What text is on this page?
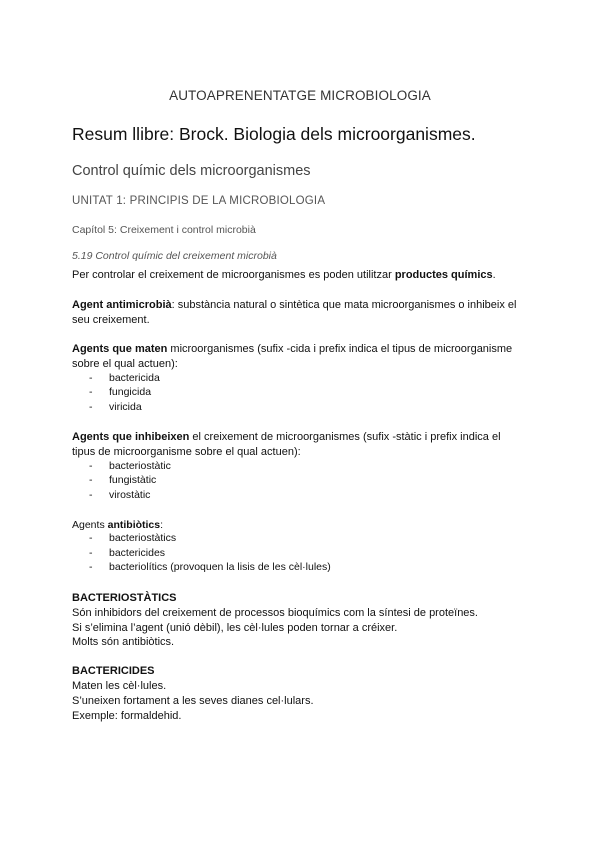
AUTOAPRENENTATGE MICROBIOLOGIA
Resum llibre: Brock. Biologia dels microorganismes.
Control químic dels microorganismes
UNITAT 1: PRINCIPIS DE LA MICROBIOLOGIA
Capítol 5: Creixement i control microbià
5.19 Control químic del creixement microbià
Per controlar el creixement de microorganismes es poden utilitzar productes químics.
Agent antimicrobià: substància natural o sintètica que mata microorganismes o inhibeix el
seu creixement.
Agents que maten microorganismes (sufix -cida i prefix indica el tipus de microorganisme
sobre el qual actuen):
- bactericida
- fungicida
- viricida
Agents que inhibeixen el creixement de microorganismes (sufix -stàtic i prefix indica el
tipus de microorganisme sobre el qual actuen):
- bacteriostàtic
- fungistàtic
- virostàtic
Agents antibiòtics:
- bacteriostàtics
- bactericides
- bacteriolítics (provoquen la lisis de les cèl·lules)
BACTERIOSTÀTICS
Són inhibidors del creixement de processos bioquímics com la síntesi de proteïnes.
Si s’elimina l’agent (unió dèbil), les cèl·lules poden tornar a créixer.
Molts són antibiòtics.
BACTERICIDES
Maten les cèl·lules.
S’uneixen fortament a les seves dianes cel·lulars.
Exemple: formaldehid.
